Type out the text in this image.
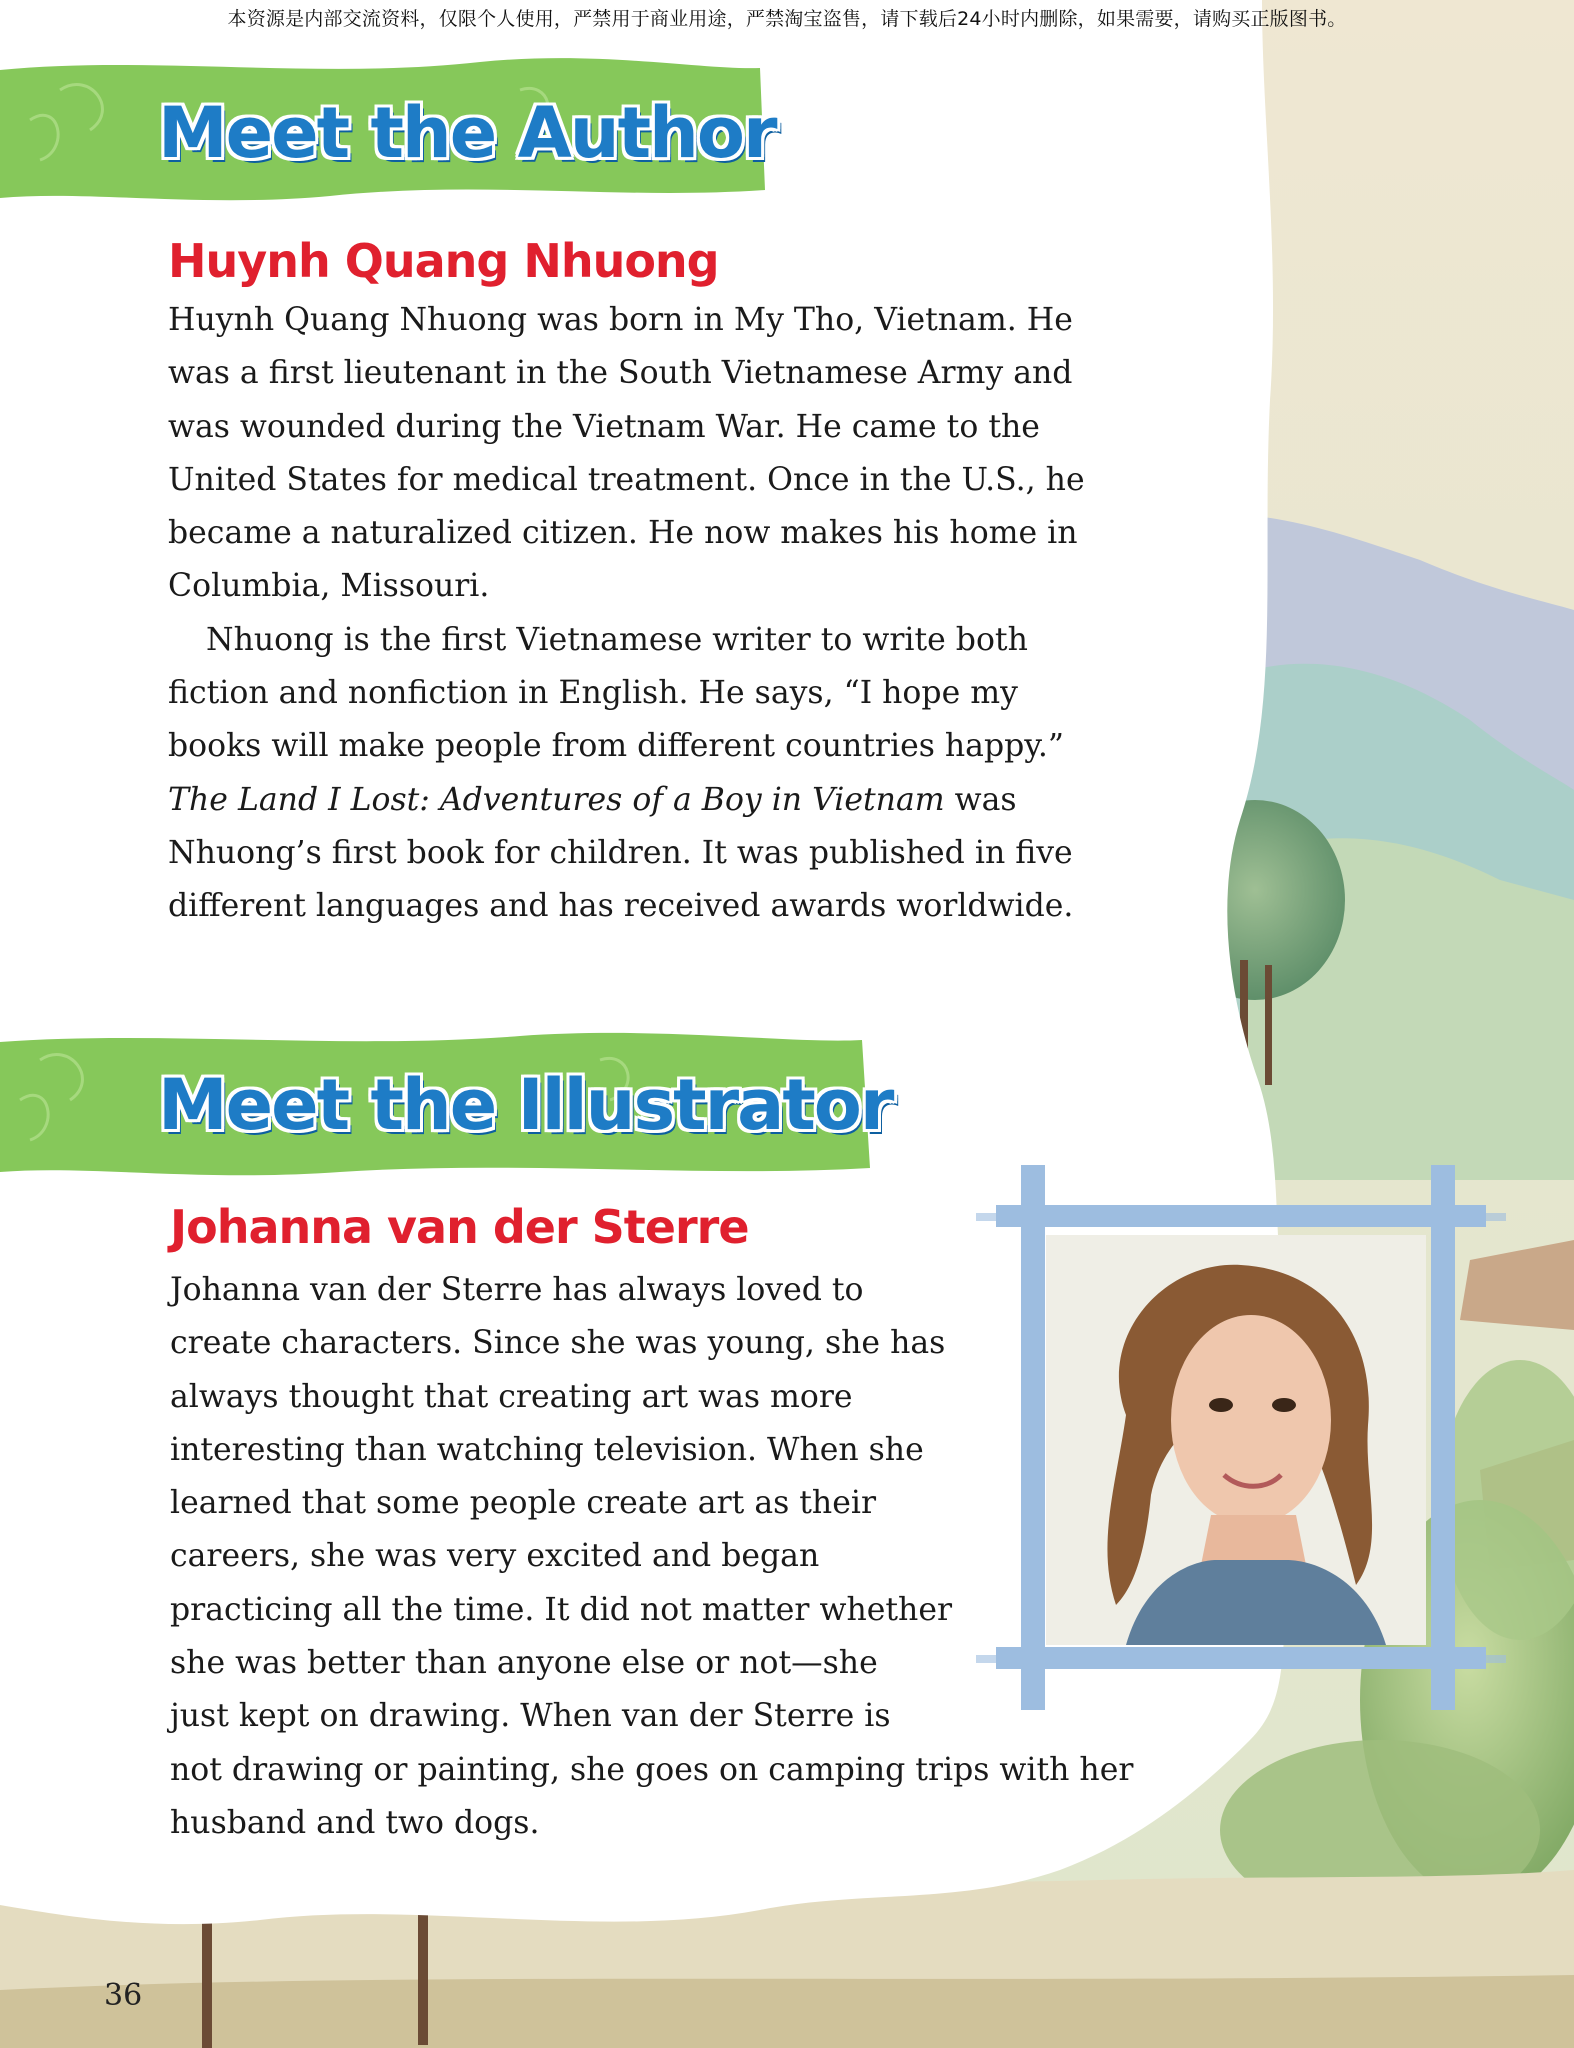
本资源是内部交流资料，仅限个人使用，严禁用于商业用途，严禁淘宝盗售，请下载后24小时内删除，如果需要，请购买正版图书。
Meet the Author
Huynh Quang Nhuong

Huynh Quang Nhuong was born in My Tho, Vietnam. He

was a first lieutenant in the South Vietnamese Army and

was wounded during the Vietnam War. He came to the

United States for medical treatment. Once in the U.S., he

became a naturalized citizen. He now makes his home in

Columbia, Missouri.

Nhuong is the first Vietnamese writer to write both

fiction and nonfiction in English. He says, “I hope my

books will make people from different countries happy.”

The Land I Lost: Adventures of a Boy in Vietnam was

Nhuong’s first book for children. It was published in five

different languages and has received awards worldwide.

Meet the Illustrator
Johanna van der Sterre

Johanna van der Sterre has always loved to

create characters. Since she was young, she has

always thought that creating art was more

interesting than watching television. When she

learned that some people create art as their

careers, she was very excited and began

practicing all the time. It did not matter whether

she was better than anyone else or not—she

just kept on drawing. When van der Sterre is

not drawing or painting, she goes on camping trips with her

husband and two dogs.

36
